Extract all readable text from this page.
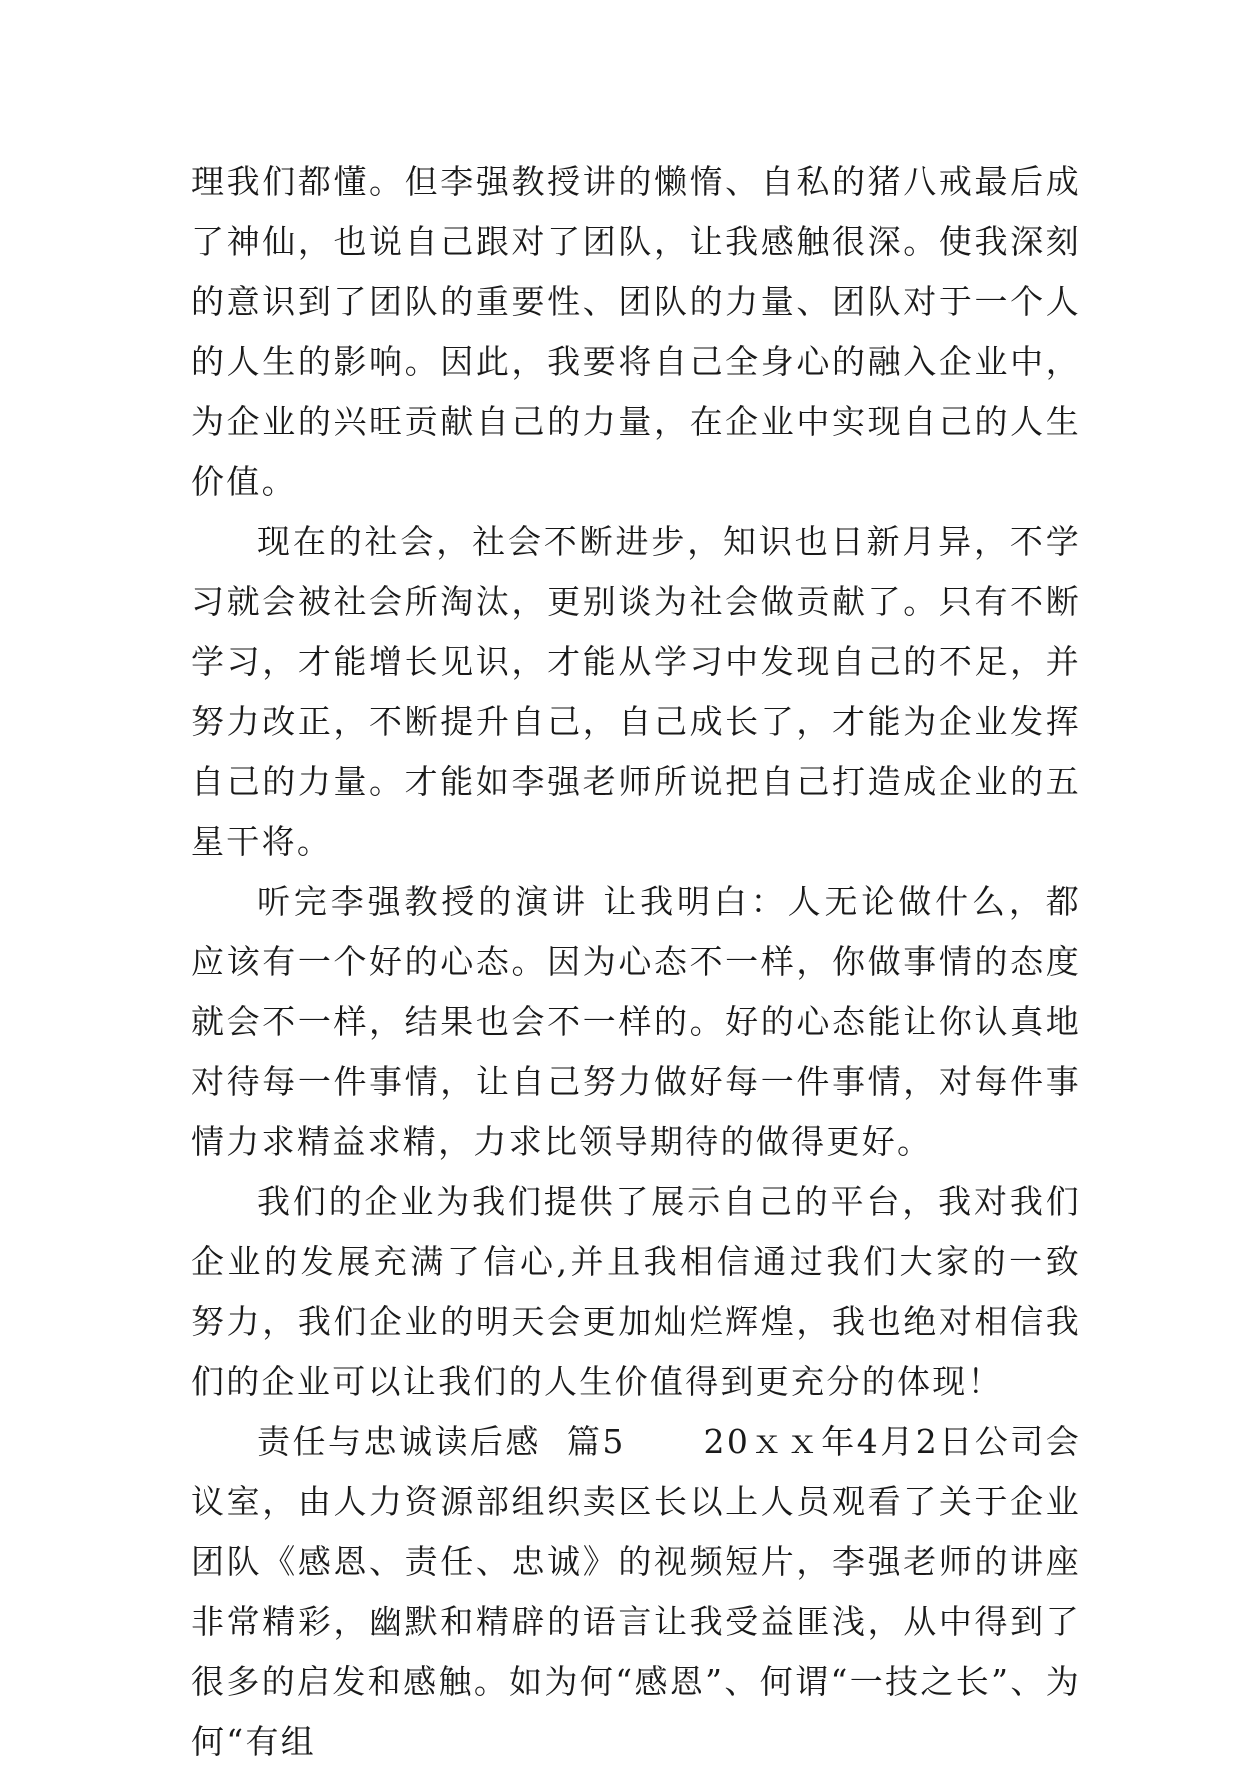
理我们都懂。但李强教授讲的懒惰、自私的猪八戒最后成了神仙，也说自己跟对了团队，让我感触很深。使我深刻的意识到了团队的重要性、团队的力量、团队对于一个人的人生的影响。因此，我要将自己全身心的融入企业中，为企业的兴旺贡献自己的力量，在企业中实现自己的人生价值。

现在的社会，社会不断进步，知识也日新月异，不学习就会被社会所淘汰，更别谈为社会做贡献了。只有不断学习，才能增长见识，才能从学习中发现自己的不足，并努力改正，不断提升自己，自己成长了，才能为企业发挥自己的力量。才能如李强老师所说把自己打造成企业的五星干将。

听完李强教授的演讲 让我明白：人无论做什么，都应该有一个好的心态。因为心态不一样，你做事情的态度就会不一样，结果也会不一样的。好的心态能让你认真地对待每一件事情，让自己努力做好每一件事情，对每件事情力求精益求精，力求比领导期待的做得更好。

我们的企业为我们提供了展示自己的平台，我对我们企业的发展充满了信心,并且我相信通过我们大家的一致努力，我们企业的明天会更加灿烂辉煌，我也绝对相信我们的企业可以让我们的人生价值得到更充分的体现！

责任与忠诚读后感  篇5      20ｘｘ年4月2日公司会议室，由人力资源部组织卖区长以上人员观看了关于企业团队《感恩、责任、忠诚》的视频短片，李强老师的讲座非常精彩，幽默和精辟的语言让我受益匪浅，从中得到了很多的启发和感触。如为何“感恩”、何谓“一技之长”、为何“有组
